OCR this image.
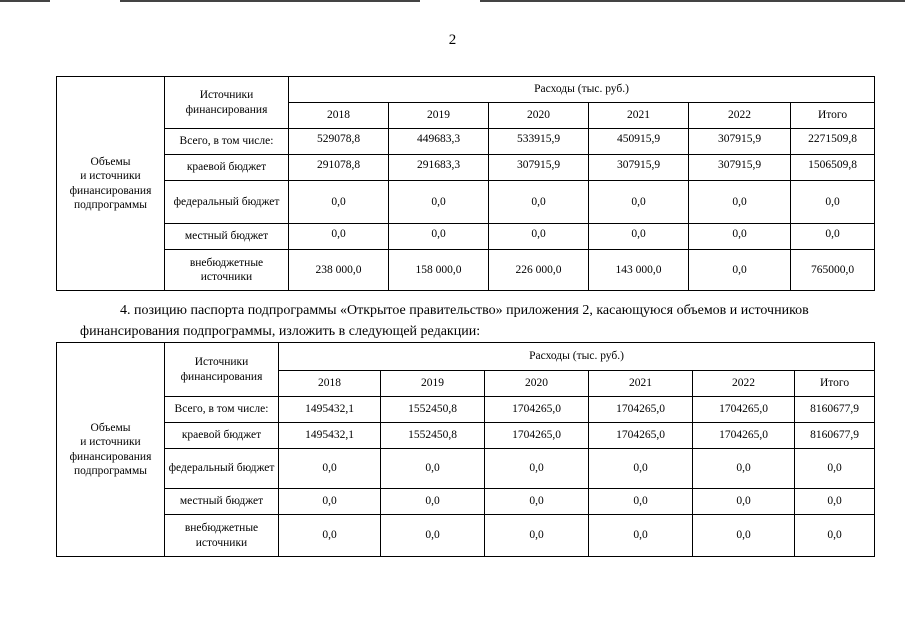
2
Объемы
и источники
финансирования
подпрограммы	Источники финансирования	Расходы (тыс. руб.)					
		2018	2019	2020	2021	2022	Итого
	Всего, в том числе:	529078,8	449683,3	533915,9	450915,9	307915,9	2271509,8
	краевой бюджет	291078,8	291683,3	307915,9	307915,9	307915,9	1506509,8
	федеральный бюджет	0,0	0,0	0,0	0,0	0,0	0,0
	местный бюджет	0,0	0,0	0,0	0,0	0,0	0,0
	внебюджетные источники	238 000,0	158 000,0	226 000,0	143 000,0	0,0	765000,0
4. позицию паспорта подпрограммы «Открытое правительство» приложения 2, касающуюся объемов и источников финансирования подпрограммы, изложить в следующей редакции:
Объемы
и источники
финансирования
подпрограммы	Источники финансирования	Расходы (тыс. руб.)					
		2018	2019	2020	2021	2022	Итого
	Всего, в том числе:	1495432,1	1552450,8	1704265,0	1704265,0	1704265,0	8160677,9
	краевой бюджет	1495432,1	1552450,8	1704265,0	1704265,0	1704265,0	8160677,9
	федеральный бюджет	0,0	0,0	0,0	0,0	0,0	0,0
	местный бюджет	0,0	0,0	0,0	0,0	0,0	0,0
	внебюджетные источники	0,0	0,0	0,0	0,0	0,0	0,0
